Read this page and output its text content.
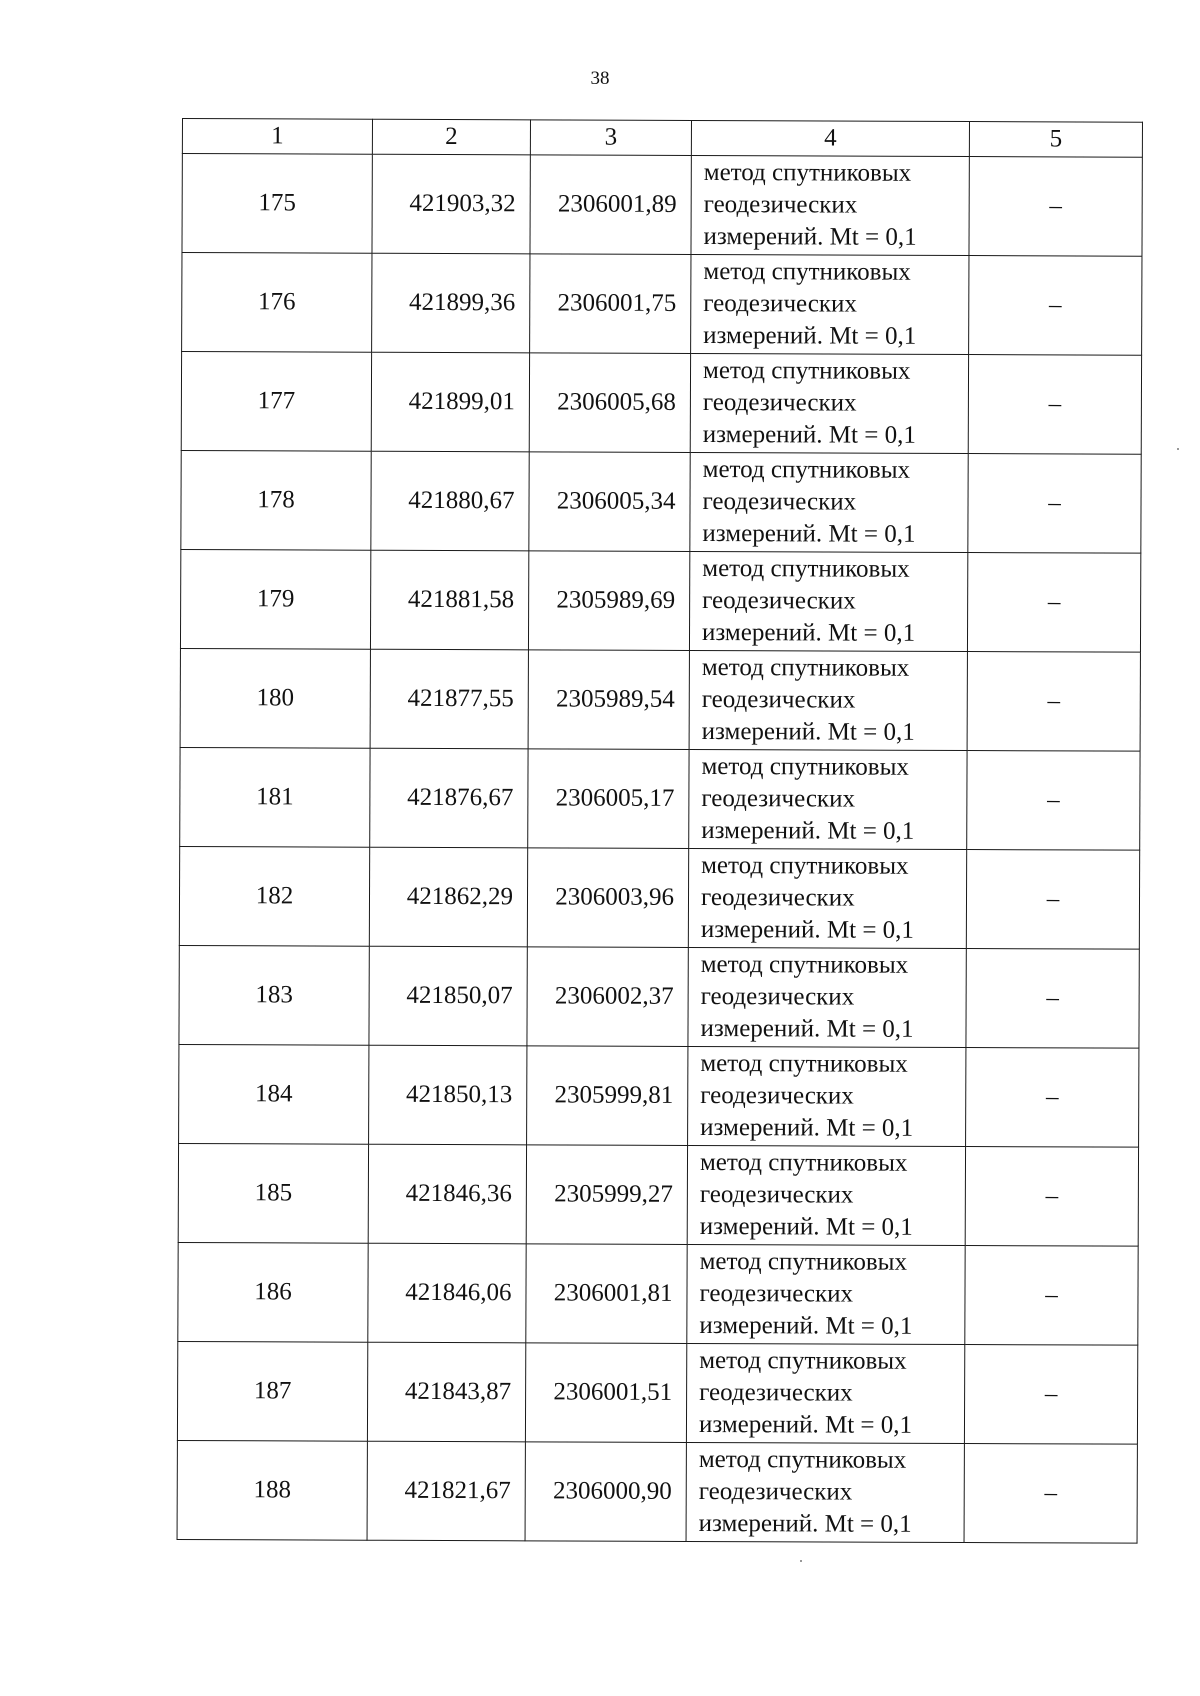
38
1	2	3	4	5
175	421903,32	2306001,89	метод спутниковых
геодезических
измерений. Mt = 0,1	–
176	421899,36	2306001,75	метод спутниковых
геодезических
измерений. Mt = 0,1	–
177	421899,01	2306005,68	метод спутниковых
геодезических
измерений. Mt = 0,1	–
178	421880,67	2306005,34	метод спутниковых
геодезических
измерений. Mt = 0,1	–
179	421881,58	2305989,69	метод спутниковых
геодезических
измерений. Mt = 0,1	–
180	421877,55	2305989,54	метод спутниковых
геодезических
измерений. Mt = 0,1	–
181	421876,67	2306005,17	метод спутниковых
геодезических
измерений. Mt = 0,1	–
182	421862,29	2306003,96	метод спутниковых
геодезических
измерений. Mt = 0,1	–
183	421850,07	2306002,37	метод спутниковых
геодезических
измерений. Mt = 0,1	–
184	421850,13	2305999,81	метод спутниковых
геодезических
измерений. Mt = 0,1	–
185	421846,36	2305999,27	метод спутниковых
геодезических
измерений. Mt = 0,1	–
186	421846,06	2306001,81	метод спутниковых
геодезических
измерений. Mt = 0,1	–
187	421843,87	2306001,51	метод спутниковых
геодезических
измерений. Mt = 0,1	–
188	421821,67	2306000,90	метод спутниковых
геодезических
измерений. Mt = 0,1	–
